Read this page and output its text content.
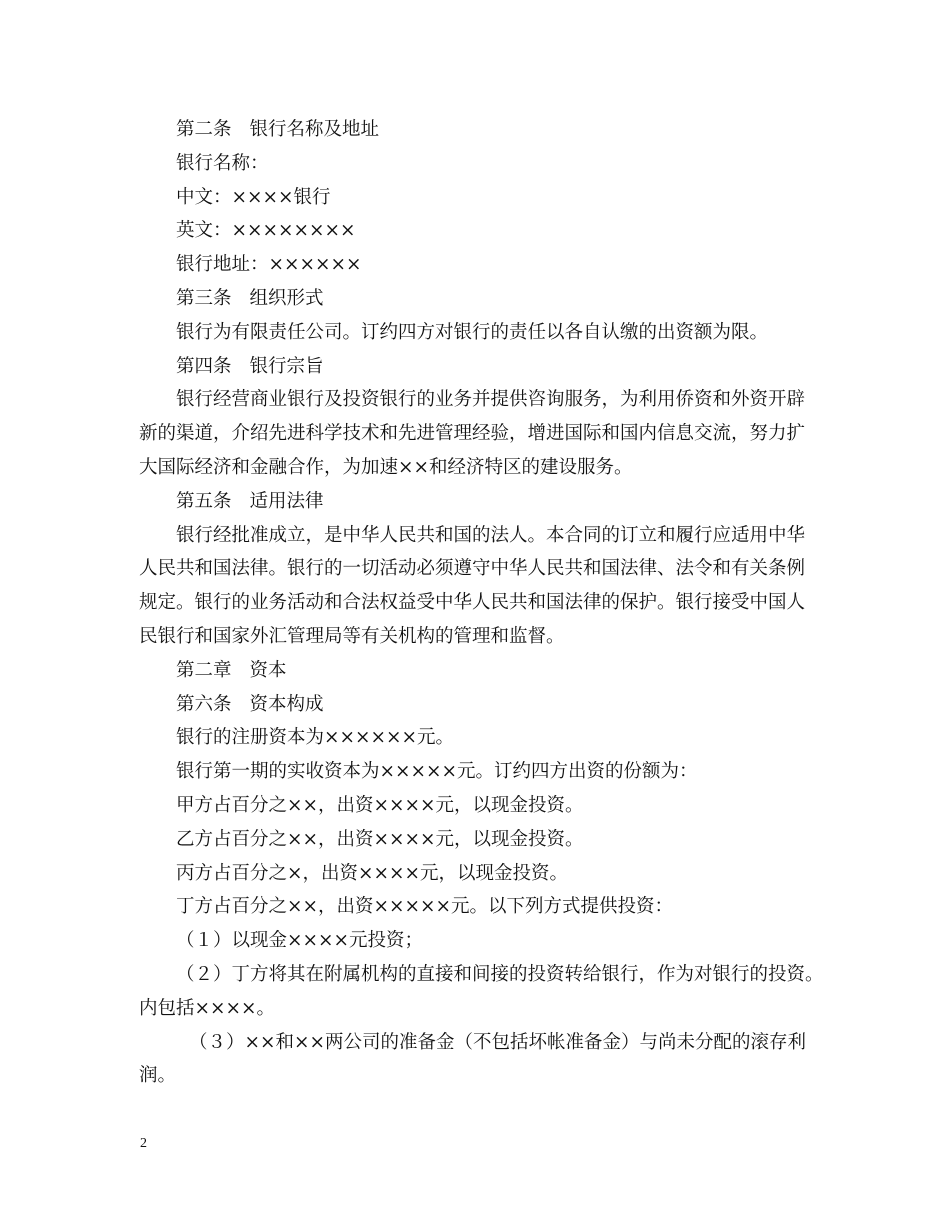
第二条 银行名称及地址
银行名称：
中文：××××银行
英文：××××××××
银行地址：××××××
第三条 组织形式
银行为有限责任公司。订约四方对银行的责任以各自认缴的出资额为限。
第四条 银行宗旨
银行经营商业银行及投资银行的业务并提供咨询服务，为利用侨资和外资开辟
新的渠道，介绍先进科学技术和先进管理经验，增进国际和国内信息交流，努力扩
大国际经济和金融合作，为加速××和经济特区的建设服务。
第五条 适用法律
银行经批准成立，是中华人民共和国的法人。本合同的订立和履行应适用中华
人民共和国法律。银行的一切活动必须遵守中华人民共和国法律、法令和有关条例
规定。银行的业务活动和合法权益受中华人民共和国法律的保护。银行接受中国人
民银行和国家外汇管理局等有关机构的管理和监督。
第二章 资本
第六条 资本构成
银行的注册资本为××××××元。
银行第一期的实收资本为×××××元。订约四方出资的份额为：
甲方占百分之××，出资××××元，以现金投资。
乙方占百分之××，出资××××元，以现金投资。
丙方占百分之×，出资××××元，以现金投资。
丁方占百分之××，出资×××××元。以下列方式提供投资：
（１）以现金××××元投资；
（２）丁方将其在附属机构的直接和间接的投资转给银行，作为对银行的投资。
内包括××××。
（３）××和××两公司的准备金（不包括坏帐准备金）与尚未分配的滚存利
润。
2
